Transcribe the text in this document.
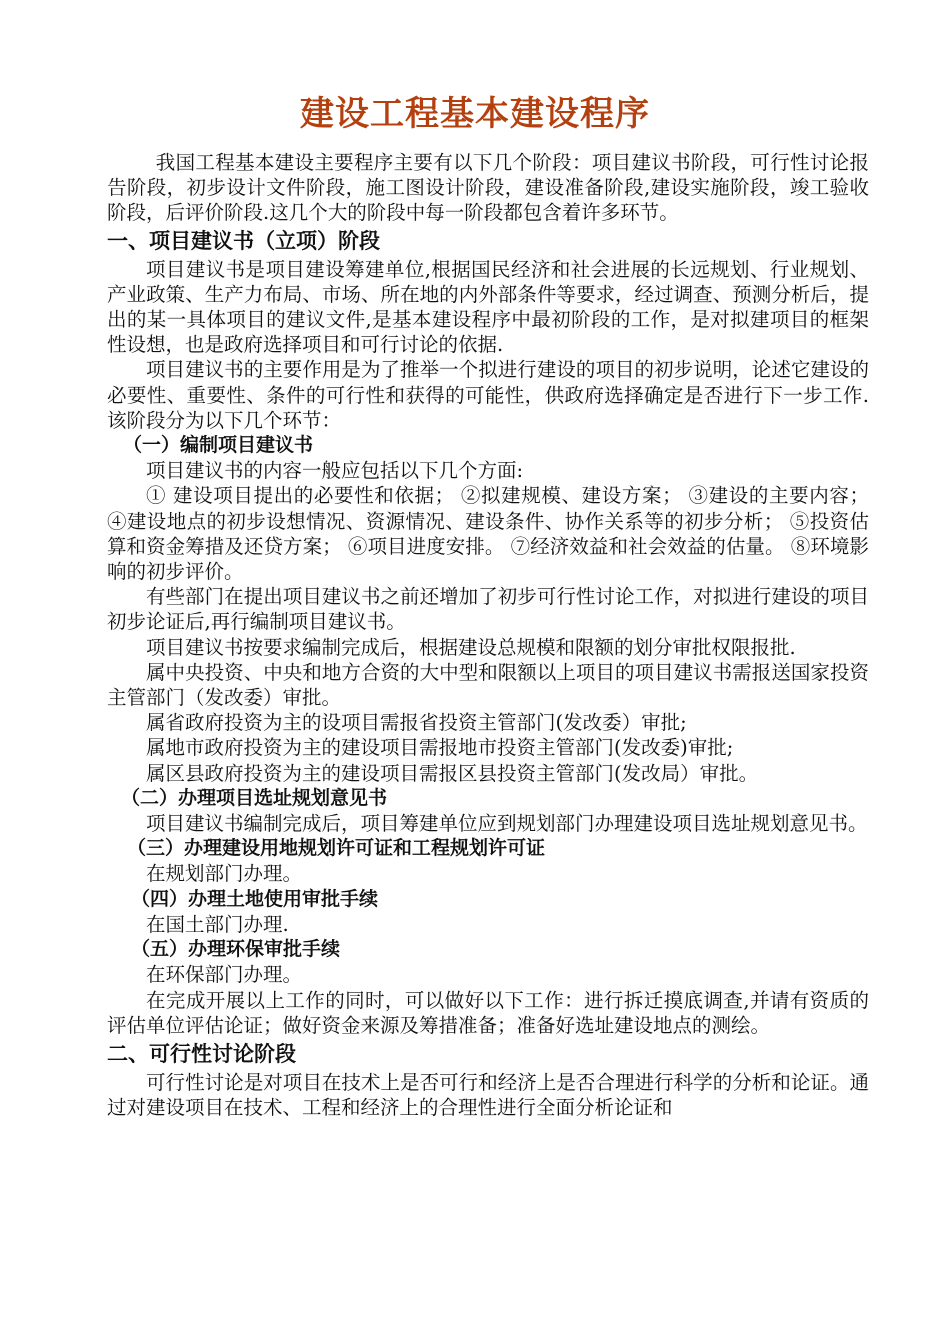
建设工程基本建设程序

我国工程基本建设主要程序主要有以下几个阶段：项目建议书阶段，可行性讨论报告阶段，初步设计文件阶段，施工图设计阶段，建设准备阶段,建设实施阶段，竣工验收阶段，后评价阶段.这几个大的阶段中每一阶段都包含着许多环节。

一、项目建议书（立项）阶段

项目建议书是项目建设筹建单位,根据国民经济和社会进展的长远规划、行业规划、产业政策、生产力布局、市场、所在地的内外部条件等要求，经过调查、预测分析后，提出的某一具体项目的建议文件,是基本建设程序中最初阶段的工作，是对拟建项目的框架性设想，也是政府选择项目和可行讨论的依据.

项目建议书的主要作用是为了推举一个拟进行建设的项目的初步说明，论述它建设的必要性、重要性、条件的可行性和获得的可能性，供政府选择确定是否进行下一步工作.该阶段分为以下几个环节：

（一）编制项目建议书

项目建议书的内容一般应包括以下几个方面:

① 建设项目提出的必要性和依据； ②拟建规模、建设方案； ③建设的主要内容； ④建设地点的初步设想情况、资源情况、建设条件、协作关系等的初步分析； ⑤投资估算和资金筹措及还贷方案； ⑥项目进度安排。 ⑦经济效益和社会效益的估量。 ⑧环境影响的初步评价。

有些部门在提出项目建议书之前还增加了初步可行性讨论工作，对拟进行建设的项目初步论证后,再行编制项目建议书。

项目建议书按要求编制完成后，根据建设总规模和限额的划分审批权限报批.

属中央投资、中央和地方合资的大中型和限额以上项目的项目建议书需报送国家投资主管部门（发改委）审批。

属省政府投资为主的设项目需报省投资主管部门(发改委）审批;

属地市政府投资为主的建设项目需报地市投资主管部门(发改委)审批;

属区县政府投资为主的建设项目需报区县投资主管部门(发改局）审批。

（二）办理项目选址规划意见书

项目建议书编制完成后，项目筹建单位应到规划部门办理建设项目选址规划意见书。

（三）办理建设用地规划许可证和工程规划许可证

在规划部门办理。

（四）办理土地使用审批手续

在国土部门办理.

（五）办理环保审批手续

在环保部门办理。

在完成开展以上工作的同时，可以做好以下工作：进行拆迁摸底调查,并请有资质的评估单位评估论证；做好资金来源及筹措准备；准备好选址建设地点的测绘。

二、可行性讨论阶段

可行性讨论是对项目在技术上是否可行和经济上是否合理进行科学的分析和论证。通过对建设项目在技术、工程和经济上的合理性进行全面分析论证和
